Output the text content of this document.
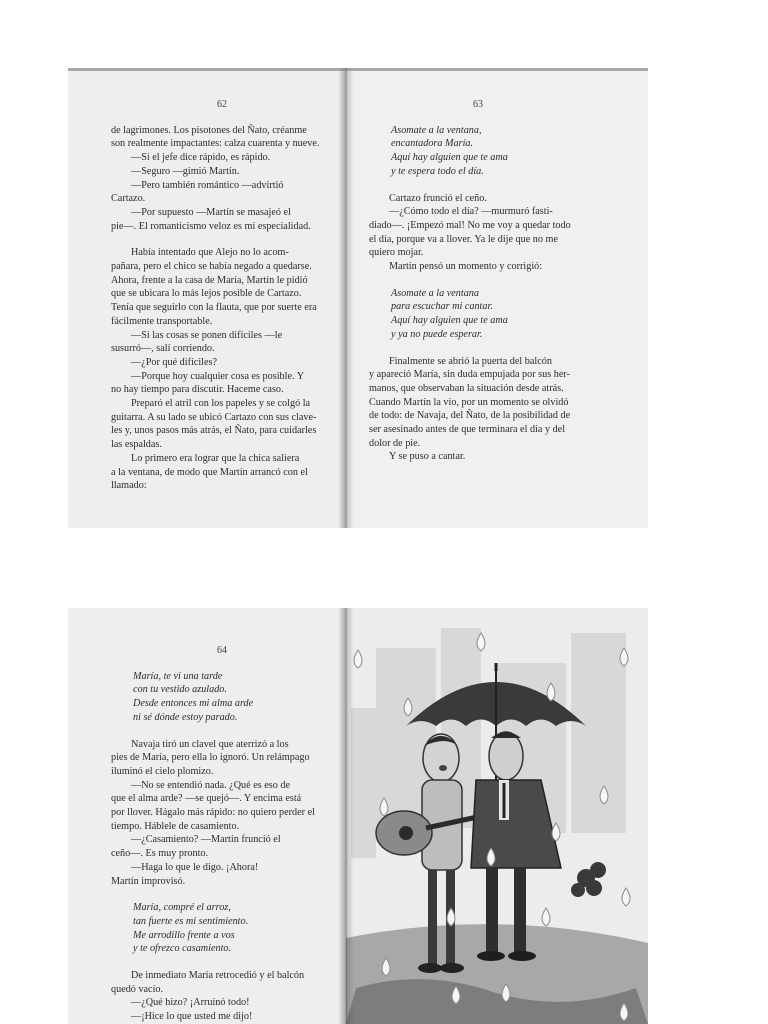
62
de lagrimones. Los pisotones del Ñato, créanme
son realmente impactantes: calza cuarenta y nueve.
—Si el jefe dice rápido, es rápido.
—Seguro —gimió Martín.
—Pero también romántico —advirtió
Cartazo.
—Por supuesto —Martín se masajeó el
pie—. El romanticismo veloz es mi especialidad.
Había intentado que Alejo no lo acom-
pañara, pero el chico se había negado a quedarse.
Ahora, frente a la casa de María, Martín le pidió
que se ubicara lo más lejos posible de Cartazo.
Tenía que seguirlo con la flauta, que por suerte era
fácilmente transportable.
—Si las cosas se ponen difíciles —le
susurró—, salí corriendo.
—¿Por qué difíciles?
—Porque hoy cualquier cosa es posible. Y
no hay tiempo para discutir. Haceme caso.
Preparó el atril con los papeles y se colgó la
guitarra. A su lado se ubicó Cartazo con sus clave-
les y, unos pasos más atrás, el Ñato, para cuidarles
las espaldas.
Lo primero era lograr que la chica saliera
a la ventana, de modo que Martín arrancó con el
llamado:
63
Asomate a la ventana,
encantadora María.
Aquí hay alguien que te ama
y te espera todo el día.
Cartazo frunció el ceño.
—¿Cómo todo el día? —murmuró fasti-
diado—. ¡Empezó mal! No me voy a quedar todo
el día, porque va a llover. Ya le dije que no me
quiero mojar.
Martín pensó un momento y corrigió:
Asomate a la ventana
para escuchar mi cantar.
Aquí hay alguien que te ama
y ya no puede esperar.
Finalmente se abrió la puerta del balcón
y apareció María, sin duda empujada por sus her-
manos, que observaban la situación desde atrás.
Cuando Martín la vio, por un momento se olvidó
de todo: de Navaja, del Ñato, de la posibilidad de
ser asesinado antes de que terminara el día y del
dolor de pie.
Y se puso a cantar.
64
María, te vi una tarde
con tu vestido azulado.
Desde entonces mi alma arde
ni sé dónde estoy parado.
Navaja tiró un clavel que aterrizó a los
pies de María, pero ella lo ignoró. Un relámpago
iluminó el cielo plomizo.
—No se entendió nada. ¿Qué es eso de
que el alma arde? —se quejó—. Y encima está
por llover. Hágalo más rápido: no quiero perder el
tiempo. Háblele de casamiento.
—¿Casamiento? —Martín frunció el
ceño—. Es muy pronto.
—Haga lo que le digo. ¡Ahora!
Martín improvisó.
María, compré el arroz,
tan fuerte es mi sentimiento.
Me arrodillo frente a vos
y te ofrezco casamiento.
De inmediato María retrocedió y el balcón
quedó vacío.
—¿Qué hizo? ¡Arruinó todo!
—¡Hice lo que usted me dijo!
